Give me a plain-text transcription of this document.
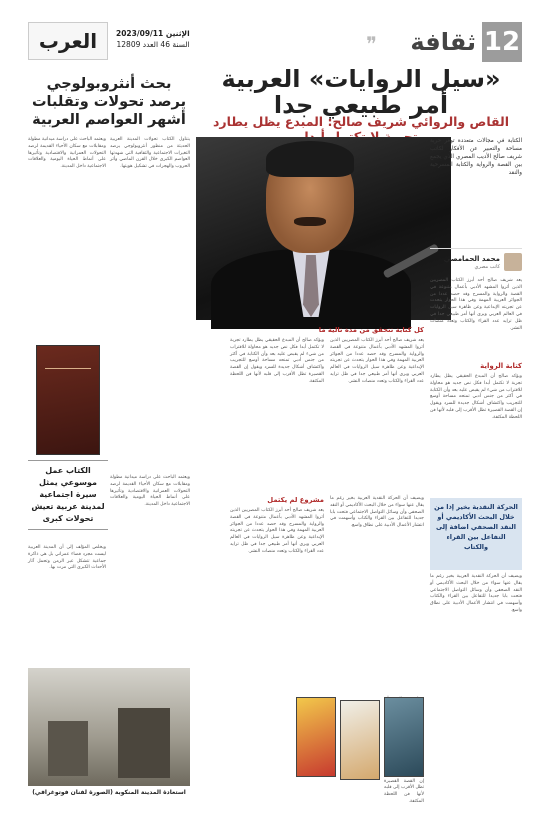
12
ثقافة
❞
العرب	الإثنين 2023/09/11
السنة 46 العدد 12809
«سيل الروايات» العربية أمر طبيعي جدا
القاص والروائي شريف صالح: المبدع يظل يطارد
الكتابة في مجالات متعددة توفر حرية مساحة والتعبير عن الأفكار لكاتب شريف صالح الأديب المصري الذي يجمع بين القصة والرواية والكتابة المسرحية والنقد
محمد الحمامصي
كاتب مصري
يعد شريف صالح أحد أبرز الكتاب المصريين الذين أثروا المشهد الأدبي بأعمال متنوعة في القصة والرواية والمسرح وقد حصد عددا من الجوائز العربية المهمة وفي هذا الحوار يتحدث عن تجربته الإبداعية وعن ظاهرة سيل الروايات في العالم العربي ويرى أنها أمر طبيعي جدا في ظل تزايد عدد القراء والكتاب وتعدد منصات النشر.
كتابة الرواية
ويؤكد صالح أن المبدع الحقيقي يظل يطارد تجربة لا تكتمل أبدا فكل نص جديد هو محاولة للاقتراب من شيء لم يقبض عليه بعد وأن الكتابة في أكثر من جنس أدبي تمنحه مساحة أوسع للتجريب واكتشاف أشكال جديدة للسرد ويقول إن القصة القصيرة تظل الأقرب إلى قلبه لأنها فن اللحظة المكثفة.
الحركة النقدية بخير إذا من خلال البحث الأكاديمي أو النقد الصحفي اضافة إلى التفاعل بين القراء والكتاب
ويضيف أن الحركة النقدية العربية بخير رغم ما يقال عنها سواء من خلال البحث الأكاديمي أو النقد الصحفي وأن وسائل التواصل الاجتماعي فتحت بابا جديدا للتفاعل بين القراء والكتاب وأسهمت في انتشار الأعمال الأدبية على نطاق واسع.
كل كتابة تتحقق من مدة تالية ما
يعد شريف صالح أحد أبرز الكتاب المصريين الذين أثروا المشهد الأدبي بأعمال متنوعة في القصة والرواية والمسرح وقد حصد عددا من الجوائز العربية المهمة وفي هذا الحوار يتحدث عن تجربته الإبداعية وعن ظاهرة سيل الروايات في العالم العربي ويرى أنها أمر طبيعي جدا في ظل تزايد عدد القراء والكتاب وتعدد منصات النشر.
ويؤكد صالح أن المبدع الحقيقي يظل يطارد تجربة لا تكتمل أبدا فكل نص جديد هو محاولة للاقتراب من شيء لم يقبض عليه بعد وأن الكتابة في أكثر من جنس أدبي تمنحه مساحة أوسع للتجريب واكتشاف أشكال جديدة للسرد ويقول إن القصة القصيرة تظل الأقرب إلى قلبه لأنها فن اللحظة المكثفة.
مشروع لم يكتمل ويضيف أن الحركة النقدية العربية بخير رغم ما يقال عنها سواء من خلال البحث الأكاديمي أو النقد الصحفي وأن وسائل التواصل الاجتماعي فتحت بابا جديدا للتفاعل بين القراء والكتاب وأسهمت في انتشار الأعمال الأدبية على نطاق واسع.
يعد شريف صالح أحد أبرز الكتاب المصريين الذين أثروا المشهد الأدبي بأعمال متنوعة في القصة والرواية والمسرح وقد حصد عددا من الجوائز العربية المهمة وفي هذا الحوار يتحدث عن تجربته الإبداعية وعن ظاهرة سيل الروايات في العالم العربي ويرى أنها أمر طبيعي جدا في ظل تزايد عدد القراء والكتاب وتعدد منصات النشر.
إن القصة القصيرة تظل الأقرب إلى قلبه لأنها فن اللحظة المكثفة.
بحث أنثروبولوجي يرصد تحولات وتقلبات أشهر العواصم العربية
يتناول الكتاب تحولات المدينة العربية الحديثة من منظور أنثروبولوجي يرصد التغيرات الاجتماعية والثقافية التي شهدتها العواصم الكبرى خلال القرن الماضي وأثر الحروب والهجرات في تشكيل هويتها.
ويعتمد الباحث على دراسة ميدانية مطولة ومقابلات مع سكان الأحياء القديمة لرصد التحولات العمرانية والاقتصادية وتأثيرها على أنماط الحياة اليومية والعلاقات الاجتماعية داخل المدينة.
الكتاب عمل موسوعي يمثل سيرة اجتماعية لمدينة عربية تعيش تحولات كبرى
ويخلص المؤلف إلى أن المدينة العربية ليست مجرد فضاء عمراني بل هي ذاكرة جماعية تتشكل عبر الزمن وتحمل آثار الأحداث الكبرى التي مرت بها.
ويعتمد الباحث على دراسة ميدانية مطولة ومقابلات مع سكان الأحياء القديمة لرصد التحولات العمرانية والاقتصادية وتأثيرها على أنماط الحياة اليومية والعلاقات الاجتماعية داخل المدينة.
استعادة المدينة المنكوبة (الصورة لفنان فوتوغرافي)
